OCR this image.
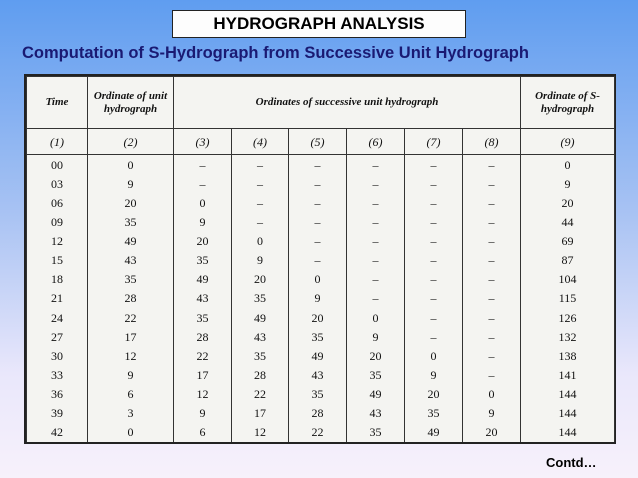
HYDROGRAPH ANALYSIS
Computation of S-Hydrograph from Successive Unit Hydrograph
Time	Ordinate of unit hydrograph	Ordinates of successive unit hydrograph						Ordinate of S-hydrograph
(1)	(2)	(3)	(4)	(5)	(6)	(7)	(8)	(9)
00	0	–	–	–	–	–	–	0
03	9	–	–	–	–	–	–	9
06	20	0	–	–	–	–	–	20
09	35	9	–	–	–	–	–	44
12	49	20	0	–	–	–	–	69
15	43	35	9	–	–	–	–	87
18	35	49	20	0	–	–	–	104
21	28	43	35	9	–	–	–	115
24	22	35	49	20	0	–	–	126
27	17	28	43	35	9	–	–	132
30	12	22	35	49	20	0	–	138
33	9	17	28	43	35	9	–	141
36	6	12	22	35	49	20	0	144
39	3	9	17	28	43	35	9	144
42	0	6	12	22	35	49	20	144
Contd…
